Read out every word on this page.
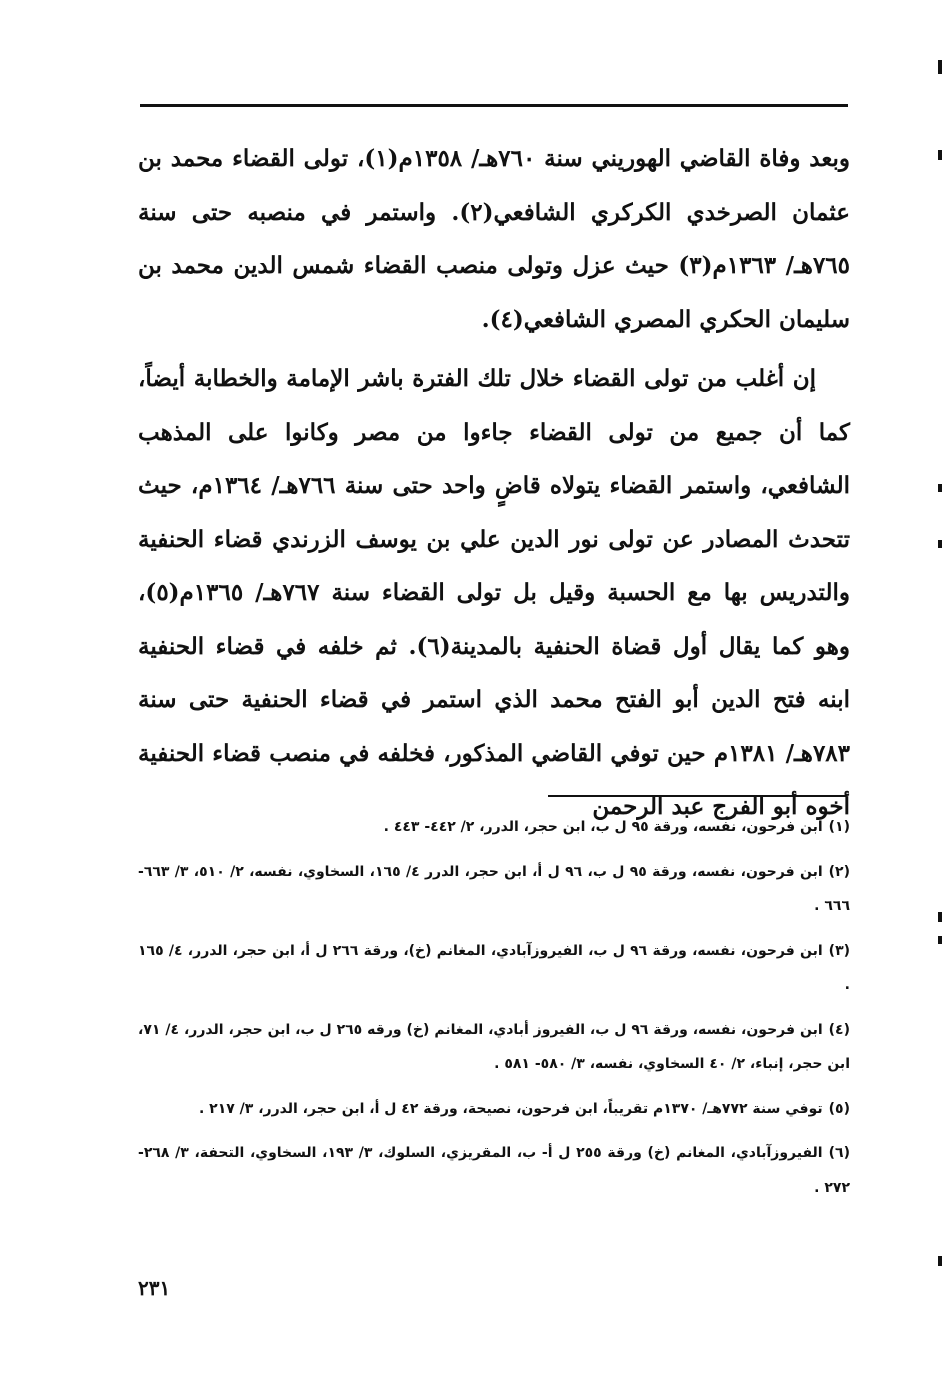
وبعد وفاة القاضي الهوريني سنة ٧٦٠هـ/ ١٣٥٨م(١)، تولى القضاء محمد بن عثمان الصرخدي الكركري الشافعي(٢). واستمر في منصبه حتى سنة ٧٦٥هـ/ ١٣٦٣م(٣) حيث عزل وتولى منصب القضاء شمس الدين محمد بن سليمان الحكري المصري الشافعي(٤).

إن أغلب من تولى القضاء خلال تلك الفترة باشر الإمامة والخطابة أيضاً، كما أن جميع من تولى القضاء جاءوا من مصر وكانوا على المذهب الشافعي، واستمر القضاء يتولاه قاضٍ واحد حتى سنة ٧٦٦هـ/ ١٣٦٤م، حيث تتحدث المصادر عن تولى نور الدين علي بن يوسف الزرندي قضاء الحنفية والتدريس بها مع الحسبة وقيل بل تولى القضاء سنة ٧٦٧هـ/ ١٣٦٥م(٥)، وهو كما يقال أول قضاة الحنفية بالمدينة(٦). ثم خلفه في قضاء الحنفية ابنه فتح الدين أبو الفتح محمد الذي استمر في قضاء الحنفية حتى سنة ٧٨٣هـ/ ١٣٨١م حين توفي القاضي المذكور، فخلفه في منصب قضاء الحنفية أخوه أبو الفرج عبد الرحمن

(١)ابن فرحون، نفسه، ورقة ٩٥ ل ب، ابن حجر، الدرر، ٢/ ٤٤٢- ٤٤٣ .
(٢)ابن فرحون، نفسه، ورقة ٩٥ ل ب، ٩٦ ل أ، ابن حجر، الدرر ٤/ ١٦٥، السخاوي، نفسه، ٢/ ٥١٠، ٣/ ٦٦٣- ٦٦٦ .
(٣)ابن فرحون، نفسه، ورقة ٩٦ ل ب، الفيروزآبادي، المغانم (خ)، ورقة ٢٦٦ ل أ، ابن حجر، الدرر، ٤/ ١٦٥ .
(٤)ابن فرحون، نفسه، ورقة ٩٦ ل ب، الفيروز أبادي، المغانم (خ) ورقه ٢٦٥ ل ب، ابن حجر، الدرر، ٤/ ٧١، ابن حجر، إنباء، ٢/ ٤٠ السخاوي، نفسه، ٣/ ٥٨٠- ٥٨١ .
(٥)توفي سنة ٧٧٢هـ/ ١٣٧٠م تقريباً، ابن فرحون، نصيحة، ورقة ٤٢ ل أ، ابن حجر، الدرر، ٣/ ٢١٧ .
(٦)الفيروزآبادي، المغانم (خ) ورقة ٢٥٥ ل أ- ب، المقريزي، السلوك، ٣/ ١٩٣، السخاوي، التحفة، ٣/ ٢٦٨- ٢٧٢ .
٢٣١
